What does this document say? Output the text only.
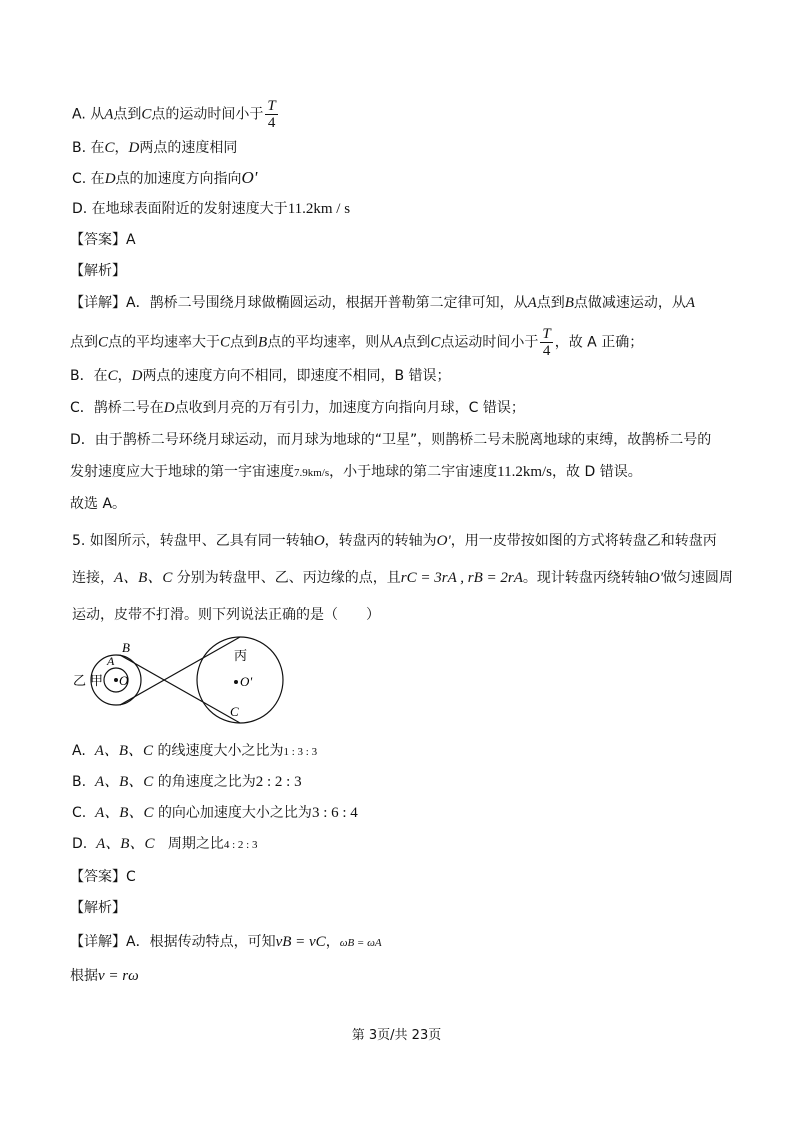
A. 从A点到C点的运动时间小于 $\frac{T}{4}$
B. 在C，D两点的速度相同
C. 在D点的加速度方向指向O'
D. 在地球表面附近的发射速度大于11.2km / s
【答案】A
【解析】
【详解】A．鹊桥二号围绕月球做椭圆运动，根据开普勒第二定律可知，从A点到B点做减速运动，从A
点到C点的平均速率大于C点到B点的平均速率，则从A点到C点运动时间小于 $\frac{T}{4}$ ，故 A 正确；
B．在C，D两点的速度方向不相同，即速度不相同，B 错误；
C．鹊桥二号在D点收到月亮的万有引力，加速度方向指向月球，C 错误；
D．由于鹊桥二号环绕月球运动，而月球为地球的“卫星”，则鹊桥二号未脱离地球的束缚，故鹊桥二号的
发射速度应大于地球的第一宇宙速度7.9km/s，小于地球的第二宇宙速度11.2km/s，故 D 错误。
故选 A。
5. 如图所示，转盘甲、乙具有同一转轴O，转盘丙的转轴为O'，用一皮带按如图的方式将转盘乙和转盘丙
连接，A、B、C 分别为转盘甲、乙、丙边缘的点，且rC = 3rA , rB = 2rA。现计转盘丙绕转轴O'做匀速圆周
运动，皮带不打滑。则下列说法正确的是（　　）
B
A
乙 甲 O
丙
O'
C
A. A、B、C 的线速度大小之比为1 : 3 : 3
B. A、B、C 的角速度之比为2 : 2 : 3
C. A、B、C 的向心加速度大小之比为3 : 6 : 4
D. A、B、C 周期之比4 : 2 : 3
【答案】C
【解析】
【详解】A．根据传动特点，可知vB = vC，ωB = ωA
根据v = rω
第 3页/共 23页
